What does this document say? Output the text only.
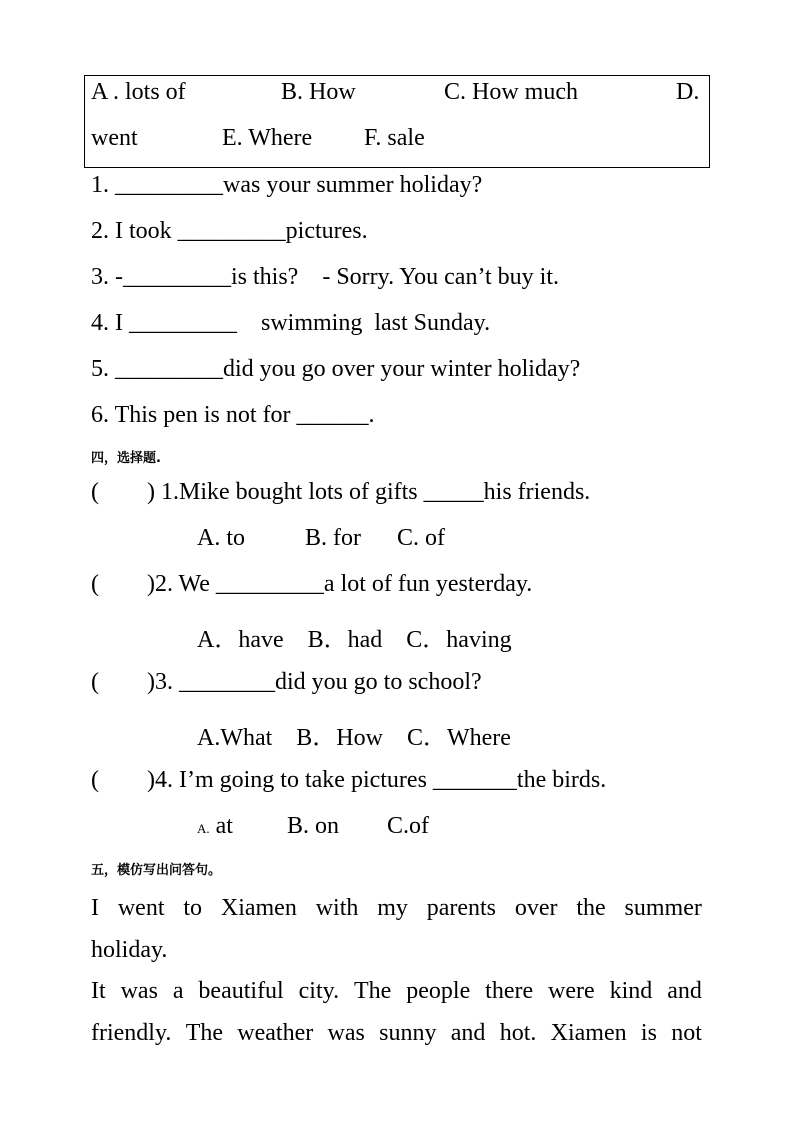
A . lots of	B. How	C. How much	D.
went	E. Where F. sale
1. _________was your summer holiday?
2. I took _________pictures.
3. -_________is this?    - Sorry. You can’t buy it.
4. I _________    swimming  last Sunday.
5. _________did you go over your winter holiday?
6. This pen is not for ______.
四，选择题.
(        ) 1.Mike bought lots of gifts _____his friends.
A. to          B. for      C. of
(        )2. We _________a lot of fun yesterday.
A．have    B．had    C．having
(        )3. ________did you go to school?
A.What    B．How    C．Where
(        )4. I’m going to take pictures _______the birds.
A. at         B. on        C.of
五，模仿写出问答句。
I went to Xiamen with my parents over the summer
holiday.
It was a beautiful city. The people there were kind and
friendly. The weather was sunny and hot. Xiamen is not
